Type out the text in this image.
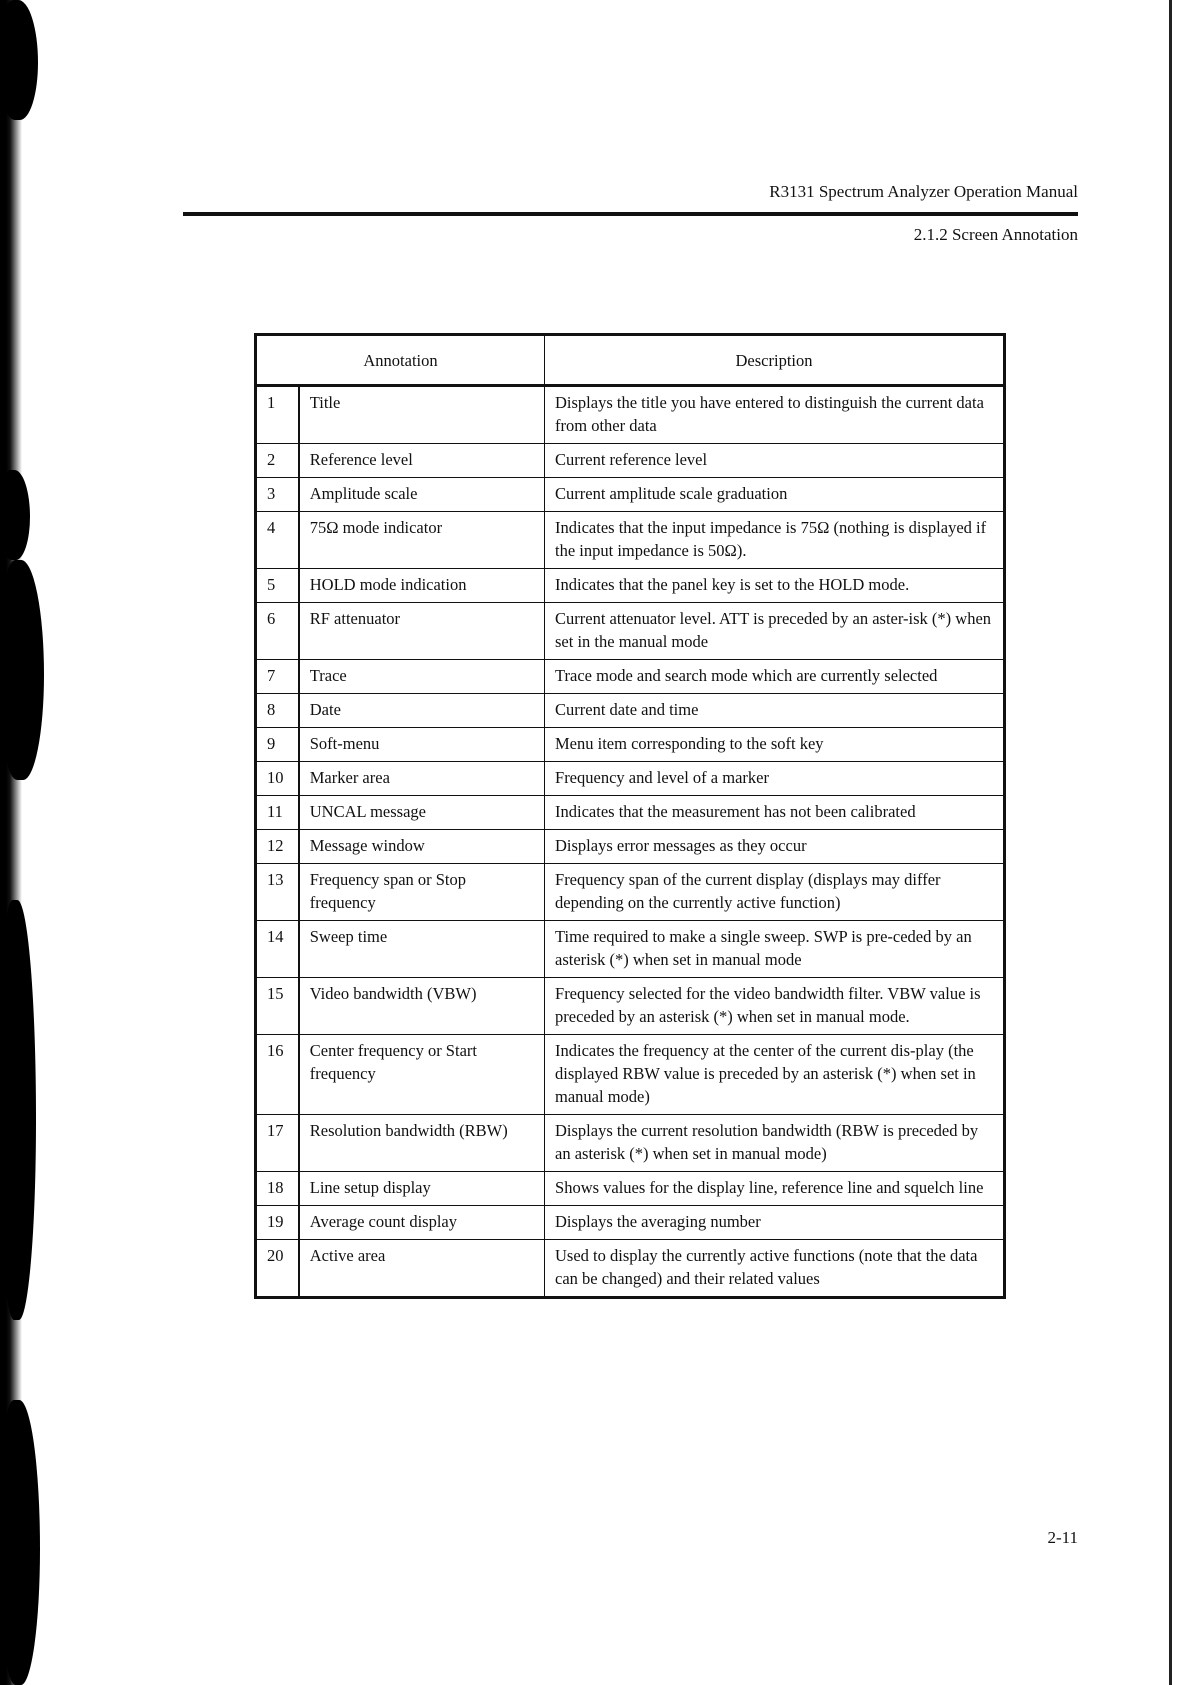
R3131 Spectrum Analyzer Operation Manual
2.1.2 Screen Annotation
Annotation		Description
1	Title	Displays the title you have entered to distinguish the current data from other data
2	Reference level	Current reference level
3	Amplitude scale	Current amplitude scale graduation
4	75Ω mode indicator	Indicates that the input impedance is 75Ω (nothing is displayed if the input impedance is 50Ω).
5	HOLD mode indication	Indicates that the panel key is set to the HOLD mode.
6	RF attenuator	Current attenuator level. ATT is preceded by an aster-isk (*) when set in the manual mode
7	Trace	Trace mode and search mode which are currently selected
8	Date	Current date and time
9	Soft-menu	Menu item corresponding to the soft key
10	Marker area	Frequency and level of a marker
11	UNCAL message	Indicates that the measurement has not been calibrated
12	Message window	Displays error messages as they occur
13	Frequency span or Stop frequency	Frequency span of the current display (displays may differ depending on the currently active function)
14	Sweep time	Time required to make a single sweep. SWP is pre-ceded by an asterisk (*) when set in manual mode
15	Video bandwidth (VBW)	Frequency selected for the video bandwidth filter. VBW value is preceded by an asterisk (*) when set in manual mode.
16	Center frequency or Start frequency	Indicates the frequency at the center of the current dis-play (the displayed RBW value is preceded by an asterisk (*) when set in manual mode)
17	Resolution bandwidth (RBW)	Displays the current resolution bandwidth (RBW is preceded by an asterisk (*) when set in manual mode)
18	Line setup display	Shows values for the display line, reference line and squelch line
19	Average count display	Displays the averaging number
20	Active area	Used to display the currently active functions (note that the data can be changed) and their related values
2-11
